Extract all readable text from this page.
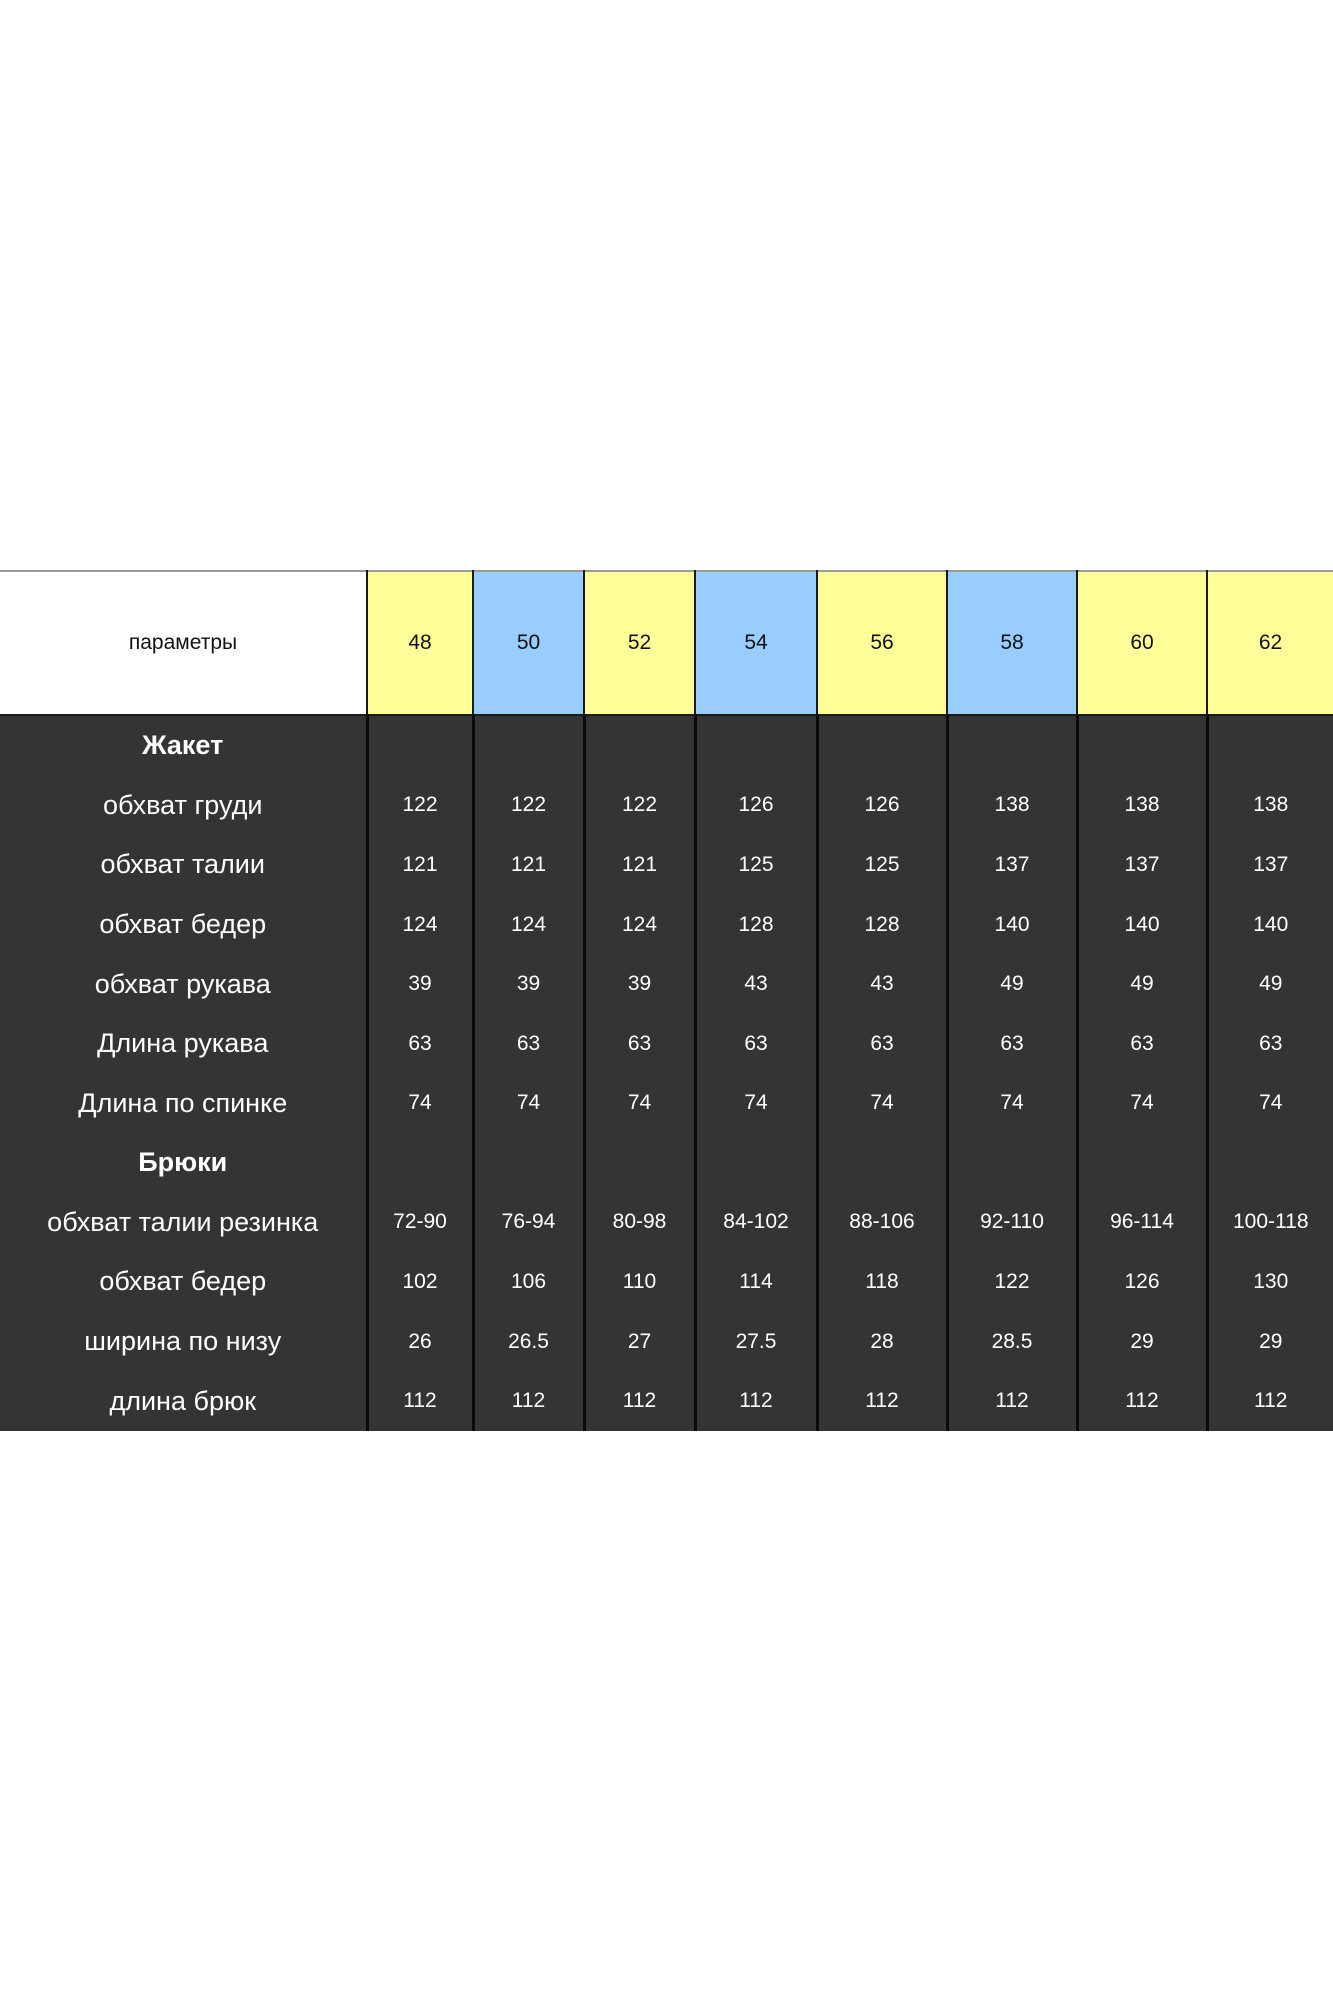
параметры	48	50	52	54	56	58	60	62
Жакет								
обхват груди	122	122	122	126	126	138	138	138
обхват талии	121	121	121	125	125	137	137	137
обхват бедер	124	124	124	128	128	140	140	140
обхват рукава	39	39	39	43	43	49	49	49
Длина рукава	63	63	63	63	63	63	63	63
Длина по спинке	74	74	74	74	74	74	74	74
Брюки								
обхват талии резинка	72-90	76-94	80-98	84-102	88-106	92-110	96-114	100-118
обхват бедер	102	106	110	114	118	122	126	130
ширина по низу	26	26.5	27	27.5	28	28.5	29	29
длина брюк	112	112	112	112	112	112	112	112
